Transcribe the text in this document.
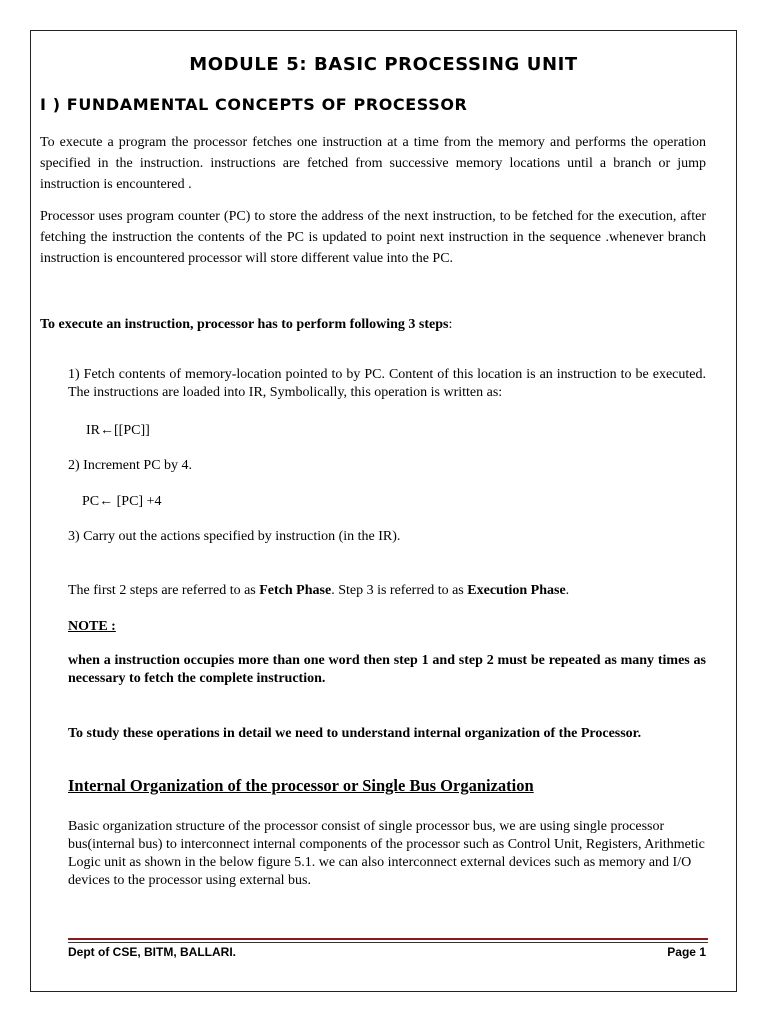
MODULE 5: BASIC PROCESSING UNIT
I ) FUNDAMENTAL CONCEPTS OF PROCESSOR

To execute a program the processor fetches one instruction at a time from the memory and performs the operation specified in the instruction. instructions are fetched from successive memory locations until a branch or jump instruction is encountered .

Processor uses program counter (PC) to store the address of the next instruction, to be fetched for the execution, after fetching the instruction the contents of the PC is updated to point next instruction in the sequence .whenever branch instruction is encountered processor will store different value into the PC.

To execute an instruction, processor has to perform following 3 steps:

1) Fetch contents of memory-location pointed to by PC. Content of this location is an instruction to be executed. The instructions are loaded into IR, Symbolically, this operation is written as:

IR←[[PC]]

2) Increment PC by 4.

PC← [PC] +4

3) Carry out the actions specified by instruction (in the IR).

The first 2 steps are referred to as Fetch Phase. Step 3 is referred to as Execution Phase.

NOTE :

when a instruction occupies more than one word then step 1 and step 2 must be repeated as many times as necessary to fetch the complete instruction.

To study these operations in detail we need to understand internal organization of the Processor.

Internal Organization of the processor or Single Bus Organization

Basic organization structure of the processor consist of single processor bus, we are using single processor bus(internal bus) to interconnect internal components of the processor such as Control Unit, Registers, Arithmetic Logic unit as shown in the below figure 5.1. we can also interconnect external devices such as memory and I/O devices to the processor using external bus.

Dept of CSE, BITM, BALLARI.	Page 1
